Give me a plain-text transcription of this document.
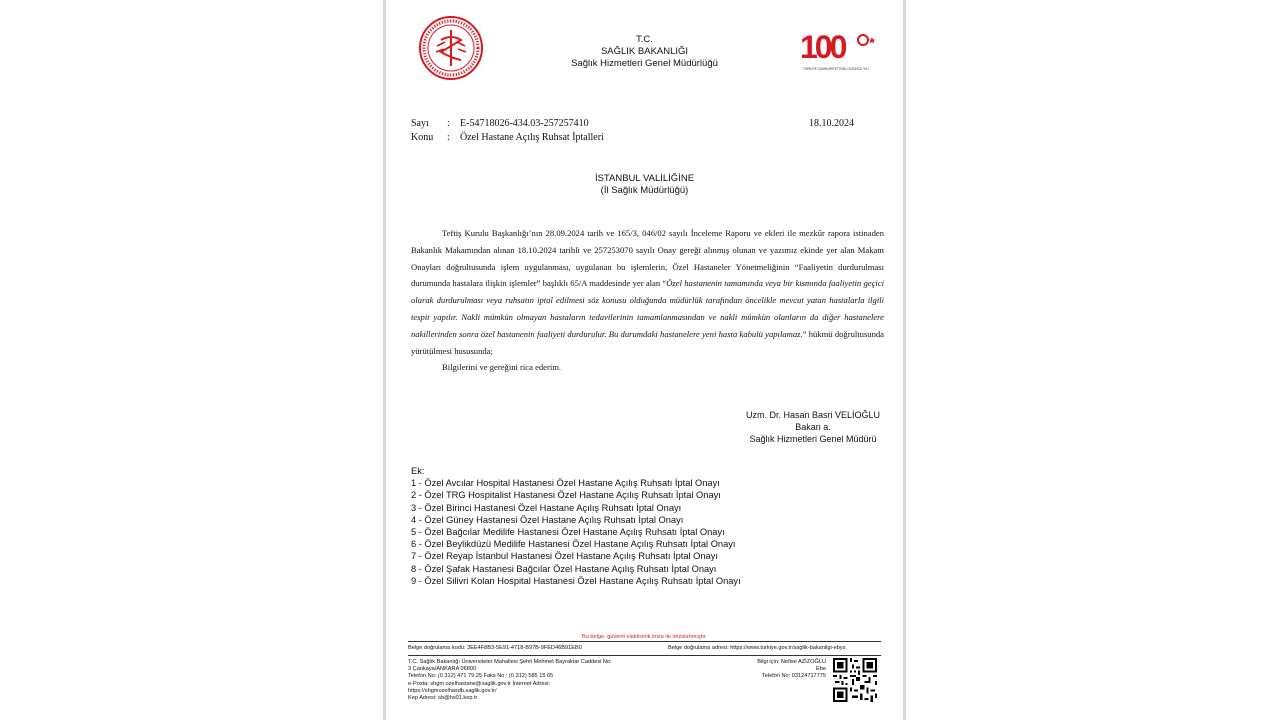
T.C.
SAĞLIK BAKANLIĞI
Sağlık Hizmetleri Genel Müdürlüğü	100
TÜRKİYE CUMHURİYETİ'NİN YÜZÜNCÜ YILI
Sayı : E-54718026-434.03-257257410
Konu : Özel Hastane Açılış Ruhsat İptalleri
18.10.2024
İSTANBUL VALİLİĞİNE
(İl Sağlık Müdürlüğü)

Teftiş Kurulu Başkanlığı’nın 28.09.2024 tarih ve 165/3, 046/02 sayılı İnceleme Raporu ve ekleri ile mezkûr rapora istinaden Bakanlık Makamından alınan 18.10.2024 tarihli ve 257253070 sayılı Onay gereği alınmış olunan ve yazımız ekinde yer alan Makam Onayları doğrultusunda işlem uygulanması, uygulanan bu işlemlerin, Özel Hastaneler Yönetmeliğinin “Faaliyetin durdurulması durumunda hastalara ilişkin işlemler” başlıklı 65/A maddesinde yer alan “Özel hastanenin tamamında veya bir kısmında faaliyetin geçici olarak durdurulması veya ruhsatın iptal edilmesi söz konusu olduğunda müdürlük tarafından öncelikle mevcut yatan hastalarla ilgili tespit yapılır. Nakli mümkün olmayan hastaların tedavilerinin tamamlanmasından ve nakli mümkün olanların da diğer hastanelere nakillerinden sonra özel hastanenin faaliyeti durdurulur. Bu durumdaki hastanelere yeni hasta kabulü yapılamaz.” hükmü doğrultusunda yürütülmesi hususunda;

Bilgilerini ve gereğini rica ederim.

Uzm. Dr. Hasan Basri VELİOĞLU
Bakan a.
Sağlık Hizmetleri Genel Müdürü
Ek:
1 - Özel Avcılar Hospital Hastanesi Özel Hastane Açılış Ruhsatı İptal Onayı
2 - Özel TRG Hospitalist Hastanesi Özel Hastane Açılış Ruhsatı İptal Onayı
3 - Özel Birinci Hastanesi Özel Hastane Açılış Ruhsatı İptal Onayı
4 - Özel Güney Hastanesi Özel Hastane Açılış Ruhsatı İptal Onayı
5 - Özel Bağcılar Medilife Hastanesi Özel Hastane Açılış Ruhsatı İptal Onayı
6 - Özel Beylikdüzü Medilife Hastanesi Özel Hastane Açılış Ruhsatı İptal Onayı
7 - Özel Reyap İstanbul Hastanesi Özel Hastane Açılış Ruhsatı İptal Onayı
8 - Özel Şafak Hastanesi Bağcılar Özel Hastane Açılış Ruhsatı İptal Onayı
9 - Özel Silivri Kolan Hospital Hastanesi Özel Hastane Açılış Ruhsatı İptal Onayı
Bu belge, güvenli elektronik imza ile imzalanmıştır.
Belge doğrulama kodu: 3EE4F8B3-5E91-4718-B97B-9FED46B91EB0	Belge doğrulama adresi: https://www.turkiye.gov.tr/saglik-bakanligi-ebys
T.C. Sağlık Bakanlığı Üniversiteler Mahallesi Şehit Mehmet Bayraktar Caddesi No:
3 Çankaya/ANKARA 06800
Telefon No: (0 312) 471 79 25 Faks No : (0 312) 585 15 65
e-Posta: shgm.ozelhastane@saglik.gov.tr İnternet Adresi:
https://shgmozelhasdb.saglik.gov.tr/
Kep Adresi: sb@hs01.kep.tr
Bilgi için: Nefise AZİZOĞLU
Ebe
Telefon No: 03124717775
